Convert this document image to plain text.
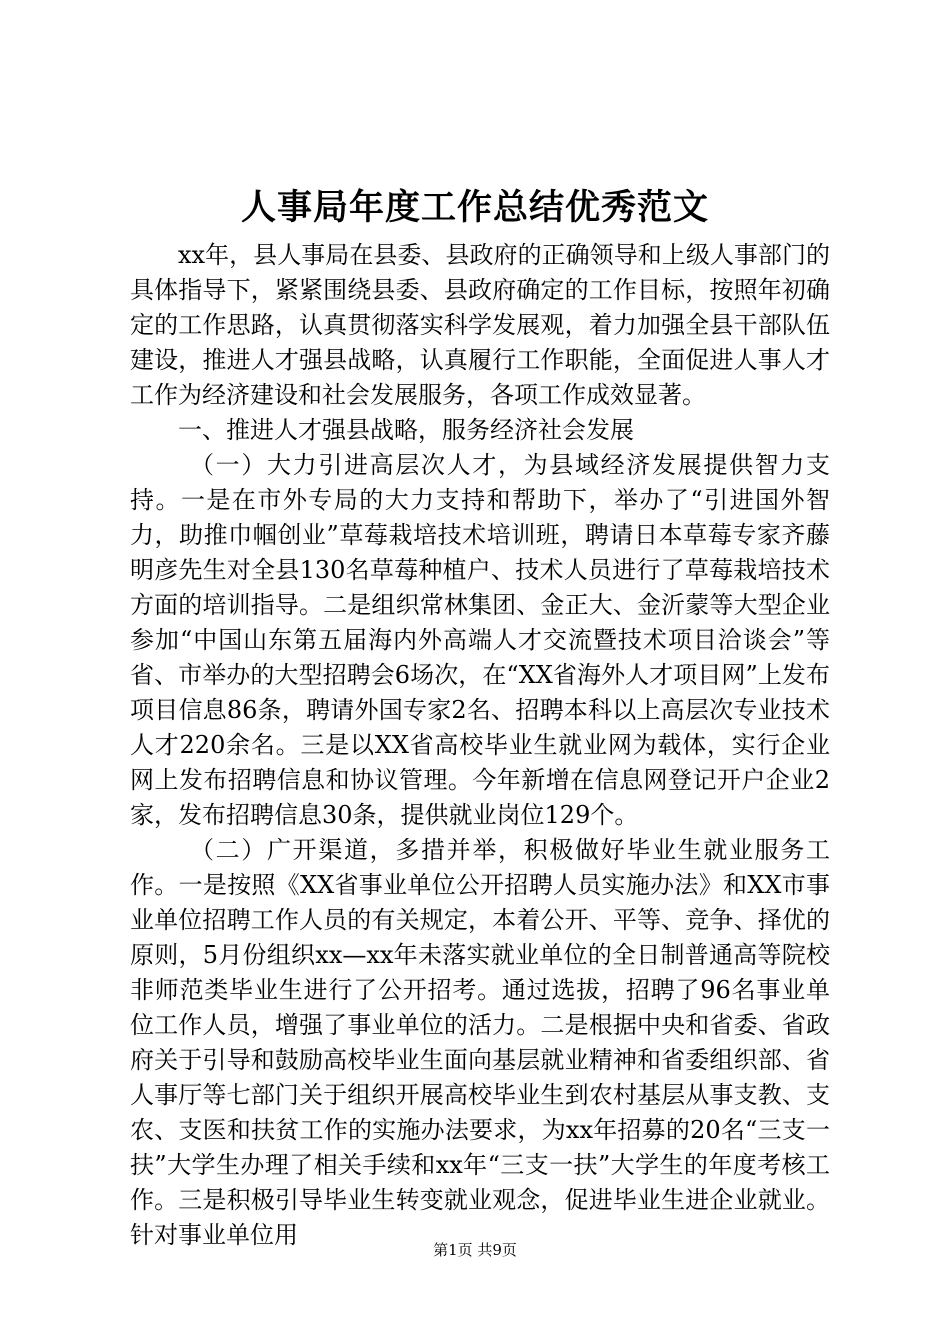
人事局年度工作总结优秀范文

xx年，县人事局在县委、县政府的正确领导和上级人事部门的具体指导下，紧紧围绕县委、县政府确定的工作目标，按照年初确定的工作思路，认真贯彻落实科学发展观，着力加强全县干部队伍建设，推进人才强县战略，认真履行工作职能，全面促进人事人才工作为经济建设和社会发展服务，各项工作成效显著。

一、推进人才强县战略，服务经济社会发展

（一）大力引进高层次人才，为县域经济发展提供智力支持。一是在市外专局的大力支持和帮助下，举办了“引进国外智力，助推巾帼创业”草莓栽培技术培训班，聘请日本草莓专家齐藤明彦先生对全县130名草莓种植户、技术人员进行了草莓栽培技术方面的培训指导。二是组织常林集团、金正大、金沂蒙等大型企业参加“中国山东第五届海内外高端人才交流暨技术项目洽谈会”等省、市举办的大型招聘会6场次，在“XX省海外人才项目网”上发布项目信息86条，聘请外国专家2名、招聘本科以上高层次专业技术人才220余名。三是以XX省高校毕业生就业网为载体，实行企业网上发布招聘信息和协议管理。今年新增在信息网登记开户企业2家，发布招聘信息30条，提供就业岗位129个。

（二）广开渠道，多措并举，积极做好毕业生就业服务工作。一是按照《XX省事业单位公开招聘人员实施办法》和XX市事业单位招聘工作人员的有关规定，本着公开、平等、竞争、择优的原则，5月份组织xx—xx年未落实就业单位的全日制普通高等院校非师范类毕业生进行了公开招考。通过选拔，招聘了96名事业单位工作人员，增强了事业单位的活力。二是根据中央和省委、省政府关于引导和鼓励高校毕业生面向基层就业精神和省委组织部、省人事厅等七部门关于组织开展高校毕业生到农村基层从事支教、支农、支医和扶贫工作的实施办法要求，为xx年招募的20名“三支一扶”大学生办理了相关手续和xx年“三支一扶”大学生的年度考核工作。三是积极引导毕业生转变就业观念，促进毕业生进企业就业。针对事业单位用

第1页 共9页
